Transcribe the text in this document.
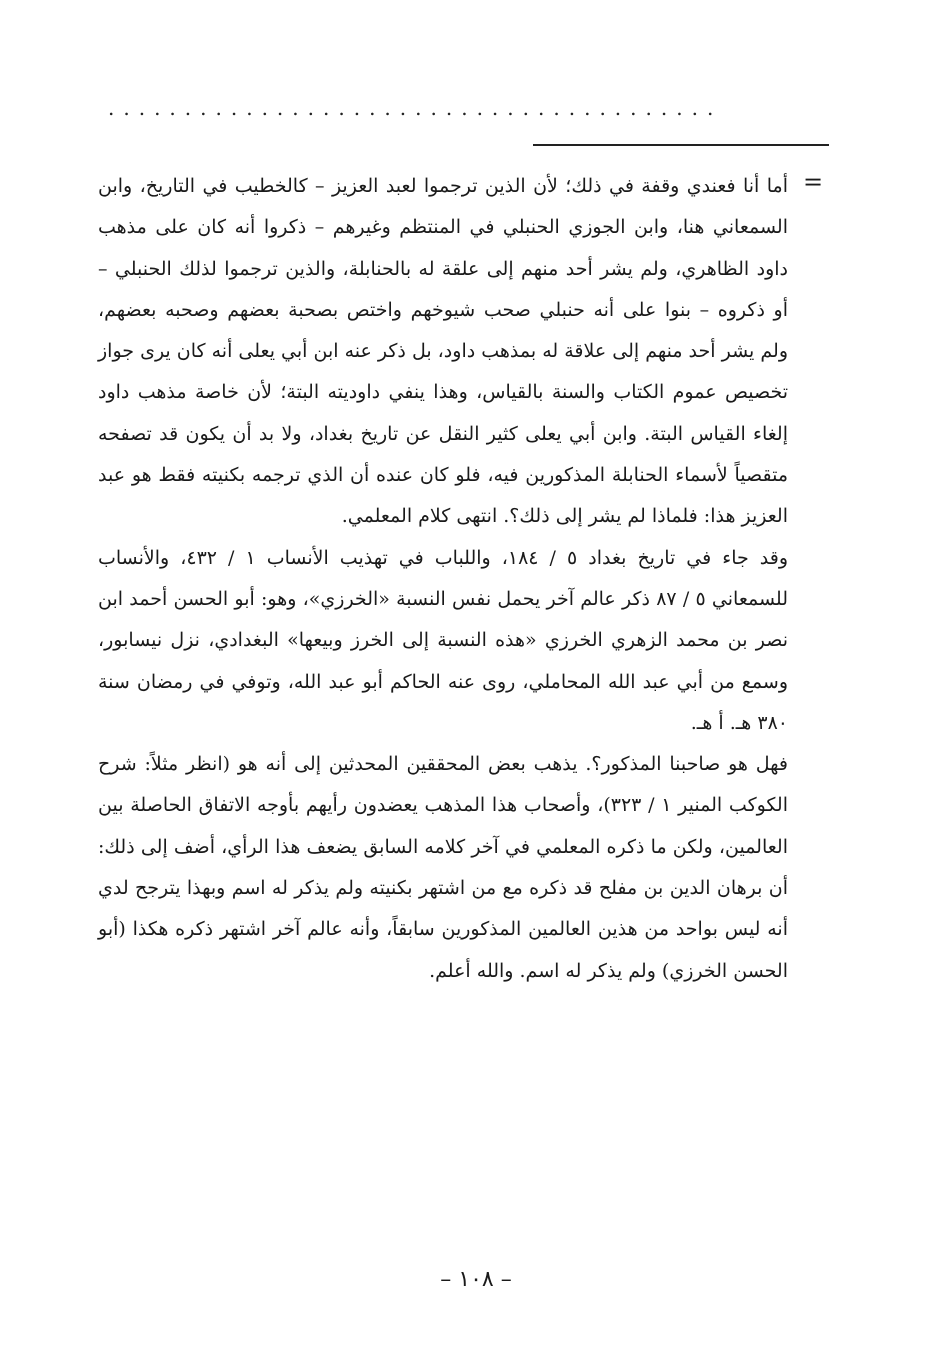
........................................
=

أما أنا فعندي وقفة في ذلك؛ لأن الذين ترجموا لعبد العزيز – كالخطيب في التاريخ، وابن السمعاني هنا، وابن الجوزي الحنبلي في المنتظم وغيرهم – ذكروا أنه كان على مذهب داود الظاهري، ولم يشر أحد منهم إلى علقة له بالحنابلة، والذين ترجموا لذلك الحنبلي – أو ذكروه – بنوا على أنه حنبلي صحب شيوخهم واختص بصحبة بعضهم وصحبه بعضهم، ولم يشر أحد منهم إلى علاقة له بمذهب داود، بل ذكر عنه ابن أبي يعلى أنه كان يرى جواز تخصيص عموم الكتاب والسنة بالقياس، وهذا ينفي داوديته البتة؛ لأن خاصة مذهب داود إلغاء القياس البتة. وابن أبي يعلى كثير النقل عن تاريخ بغداد، ولا بد أن يكون قد تصفحه متقصياً لأسماء الحنابلة المذكورين فيه، فلو كان عنده أن الذي ترجمه بكنيته فقط هو عبد العزيز هذا: فلماذا لم يشر إلى ذلك؟. انتهى كلام المعلمي.

وقد جاء في تاريخ بغداد ٥ / ١٨٤، واللباب في تهذيب الأنساب ١ / ٤٣٢، والأنساب للسمعاني ٥ / ٨٧ ذكر عالم آخر يحمل نفس النسبة «الخرزي»، وهو: أبو الحسن أحمد ابن نصر بن محمد الزهري الخرزي «هذه النسبة إلى الخرز وبيعها» البغدادي، نزل نيسابور، وسمع من أبي عبد الله المحاملي، روى عنه الحاكم أبو عبد الله، وتوفي في رمضان سنة ٣٨٠ هـ. أ هـ.

فهل هو صاحبنا المذكور؟. يذهب بعض المحققين المحدثين إلى أنه هو (انظر مثلاً: شرح الكوكب المنير ١ / ٣٢٣)، وأصحاب هذا المذهب يعضدون رأيهم بأوجه الاتفاق الحاصلة بين العالمين، ولكن ما ذكره المعلمي في آخر كلامه السابق يضعف هذا الرأي، أضف إلى ذلك: أن برهان الدين بن مفلح قد ذكره مع من اشتهر بكنيته ولم يذكر له اسم وبهذا يترجح لدي أنه ليس بواحد من هذين العالمين المذكورين سابقاً، وأنه عالم آخر اشتهر ذكره هكذا (أبو الحسن الخرزي) ولم يذكر له اسم. والله أعلم.

– ١٠٨ –
